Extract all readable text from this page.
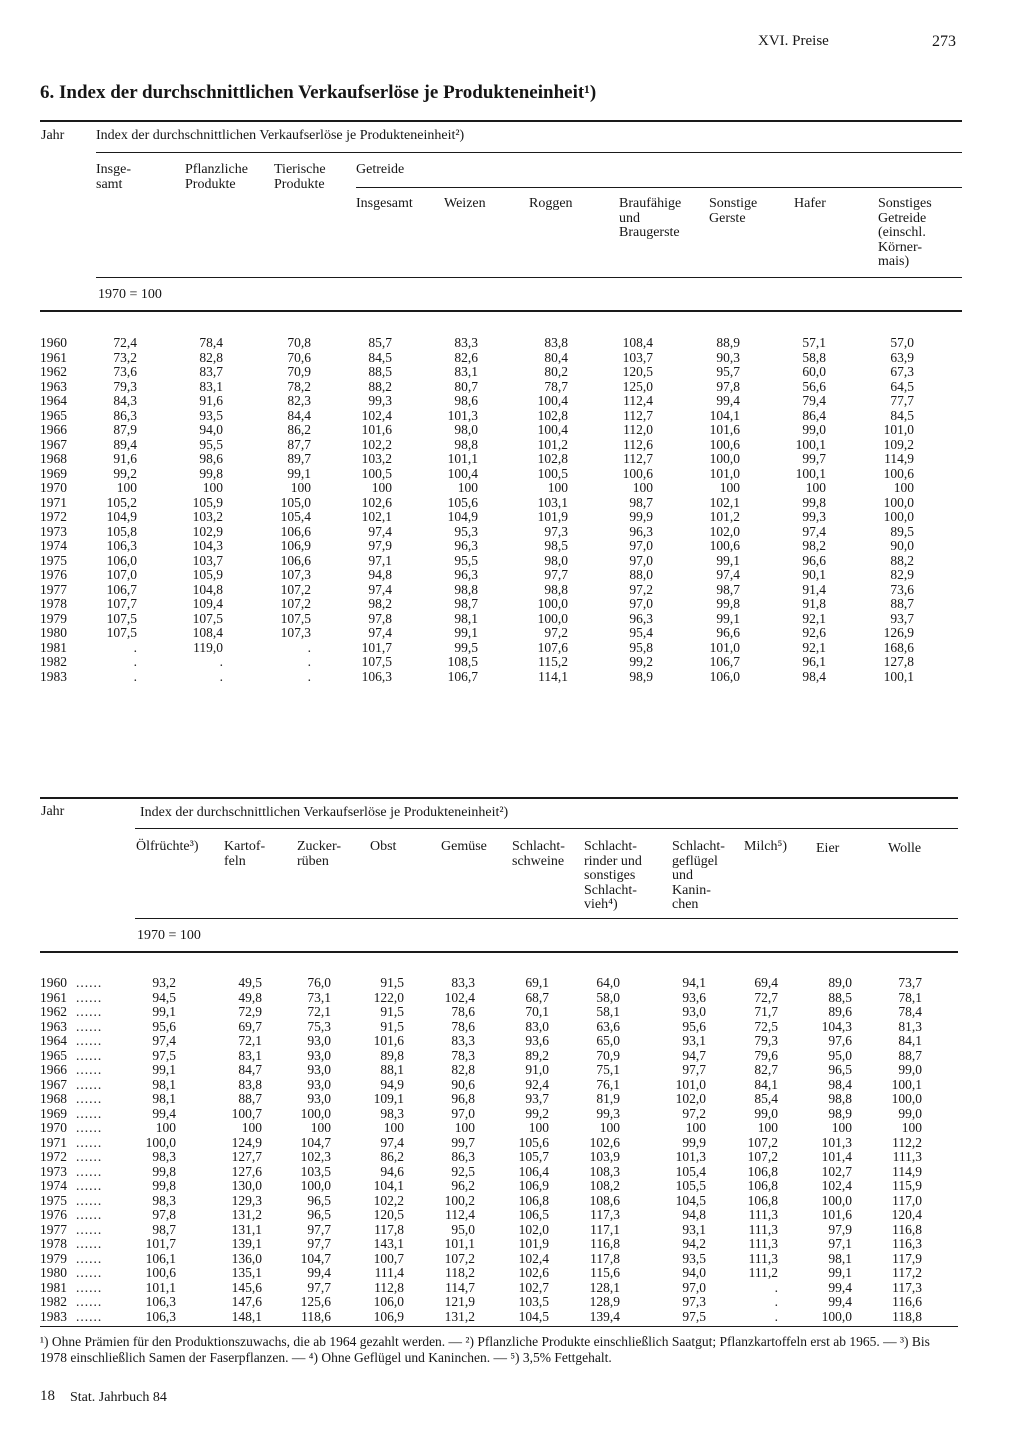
XVI. Preise	273
6. Index der durchschnittlichen Verkaufserlöse je Produkteneinheit¹)
Jahr Index der durchschnittlichen Verkaufserlöse je Produkteneinheit²)
Insge-
samt
Pflanzliche
Produkte
Tierische
Produkte
Getreide
Insgesamt Weizen	Roggen	Braufähige
und
Braugerste
Sonstige
Gerste
Hafer	Sonstiges
Getreide
(einschl.
Körner-
mais)
1970 = 100
1960	72,4	78,4	70,8	85,7	83,3	83,8	108,4	88,9	57,1	57,0
1961	73,2	82,8	70,6	84,5	82,6	80,4	103,7	90,3	58,8	63,9
1962	73,6	83,7	70,9	88,5	83,1	80,2	120,5	95,7	60,0	67,3
1963	79,3	83,1	78,2	88,2	80,7	78,7	125,0	97,8	56,6	64,5
1964	84,3	91,6	82,3	99,3	98,6	100,4	112,4	99,4	79,4	77,7
1965	86,3	93,5	84,4	102,4	101,3	102,8	112,7	104,1	86,4	84,5
1966	87,9	94,0	86,2	101,6	98,0	100,4	112,0	101,6	99,0	101,0
1967	89,4	95,5	87,7	102,2	98,8	101,2	112,6	100,6	100,1	109,2
1968	91,6	98,6	89,7	103,2	101,1	102,8	112,7	100,0	99,7	114,9
1969	99,2	99,8	99,1	100,5	100,4	100,5	100,6	101,0	100,1	100,6
1970	100	100	100	100	100	100	100	100	100	100
1971	105,2	105,9	105,0	102,6	105,6	103,1	98,7	102,1	99,8	100,0
1972	104,9	103,2	105,4	102,1	104,9	101,9	99,9	101,2	99,3	100,0
1973	105,8	102,9	106,6	97,4	95,3	97,3	96,3	102,0	97,4	89,5
1974	106,3	104,3	106,9	97,9	96,3	98,5	97,0	100,6	98,2	90,0
1975	106,0	103,7	106,6	97,1	95,5	98,0	97,0	99,1	96,6	88,2
1976	107,0	105,9	107,3	94,8	96,3	97,7	88,0	97,4	90,1	82,9
1977	106,7	104,8	107,2	97,4	98,8	98,8	97,2	98,7	91,4	73,6
1978	107,7	109,4	107,2	98,2	98,7	100,0	97,0	99,8	91,8	88,7
1979	107,5	107,5	107,5	97,8	98,1	100,0	96,3	99,1	92,1	93,7
1980	107,5	108,4	107,3	97,4	99,1	97,2	95,4	96,6	92,6	126,9
1981	.	119,0	.	101,7	99,5	107,6	95,8	101,0	92,1	168,6
1982	.	.	.	107,5	108,5	115,2	99,2	106,7	96,1	127,8
1983	.	.	.	106,3	106,7	114,1	98,9	106,0	98,4	100,1
Jahr	Index der durchschnittlichen Verkaufserlöse je Produkteneinheit²)
Ölfrüchte³) Kartof-
feln
Zucker-
rüben
Obst	Gemüse Schlacht-
schweine
Schlacht-
rinder und
sonstiges
Schlacht-
vieh⁴)
Schlacht-
geflügel
und
Kanin-
chen
Milch⁵) Eier	Wolle
1970 = 100
1960 ......	93,2	49,5	76,0	91,5	83,3	69,1	64,0	94,1	69,4	89,0	73,7
1961 ......	94,5	49,8	73,1	122,0	102,4	68,7	58,0	93,6	72,7	88,5	78,1
1962 ......	99,1	72,9	72,1	91,5	78,6	70,1	58,1	93,0	71,7	89,6	78,4
1963 ......	95,6	69,7	75,3	91,5	78,6	83,0	63,6	95,6	72,5	104,3	81,3
1964 ......	97,4	72,1	93,0	101,6	83,3	93,6	65,0	93,1	79,3	97,6	84,1
1965 ......	97,5	83,1	93,0	89,8	78,3	89,2	70,9	94,7	79,6	95,0	88,7
1966 ......	99,1	84,7	93,0	88,1	82,8	91,0	75,1	97,7	82,7	96,5	99,0
1967 ......	98,1	83,8	93,0	94,9	90,6	92,4	76,1	101,0	84,1	98,4	100,1
1968 ......	98,1	88,7	93,0	109,1	96,8	93,7	81,9	102,0	85,4	98,8	100,0
1969 ......	99,4	100,7	100,0	98,3	97,0	99,2	99,3	97,2	99,0	98,9	99,0
1970 ......	100	100	100	100	100	100	100	100	100	100	100
1971 ......	100,0	124,9	104,7	97,4	99,7	105,6	102,6	99,9	107,2	101,3	112,2
1972 ......	98,3	127,7	102,3	86,2	86,3	105,7	103,9	101,3	107,2	101,4	111,3
1973 ......	99,8	127,6	103,5	94,6	92,5	106,4	108,3	105,4	106,8	102,7	114,9
1974 ......	99,8	130,0	100,0	104,1	96,2	106,9	108,2	105,5	106,8	102,4	115,9
1975 ......	98,3	129,3	96,5	102,2	100,2	106,8	108,6	104,5	106,8	100,0	117,0
1976 ......	97,8	131,2	96,5	120,5	112,4	106,5	117,3	94,8	111,3	101,6	120,4
1977 ......	98,7	131,1	97,7	117,8	95,0	102,0	117,1	93,1	111,3	97,9	116,8
1978 ......	101,7	139,1	97,7	143,1	101,1	101,9	116,8	94,2	111,3	97,1	116,3
1979 ......	106,1	136,0	104,7	100,7	107,2	102,4	117,8	93,5	111,3	98,1	117,9
1980 ......	100,6	135,1	99,4	111,4	118,2	102,6	115,6	94,0	111,2	99,1	117,2
1981 ......	101,1	145,6	97,7	112,8	114,7	102,7	128,1	97,0	.	99,4	117,3
1982 ......	106,3	147,6	125,6	106,0	121,9	103,5	128,9	97,3	.	99,4	116,6
1983 ......	106,3	148,1	118,6	106,9	131,2	104,5	139,4	97,5	.	100,0	118,8
¹) Ohne Prämien für den Produktionszuwachs, die ab 1964 gezahlt werden. — ²) Pflanzliche Produkte einschließlich Saatgut; Pflanzkartoffeln erst ab 1965. — ³) Bis 1978 einschließlich Samen der Faserpflanzen. — ⁴) Ohne Geflügel und Kaninchen. — ⁵) 3,5% Fettgehalt.
18 Stat. Jahrbuch 84
